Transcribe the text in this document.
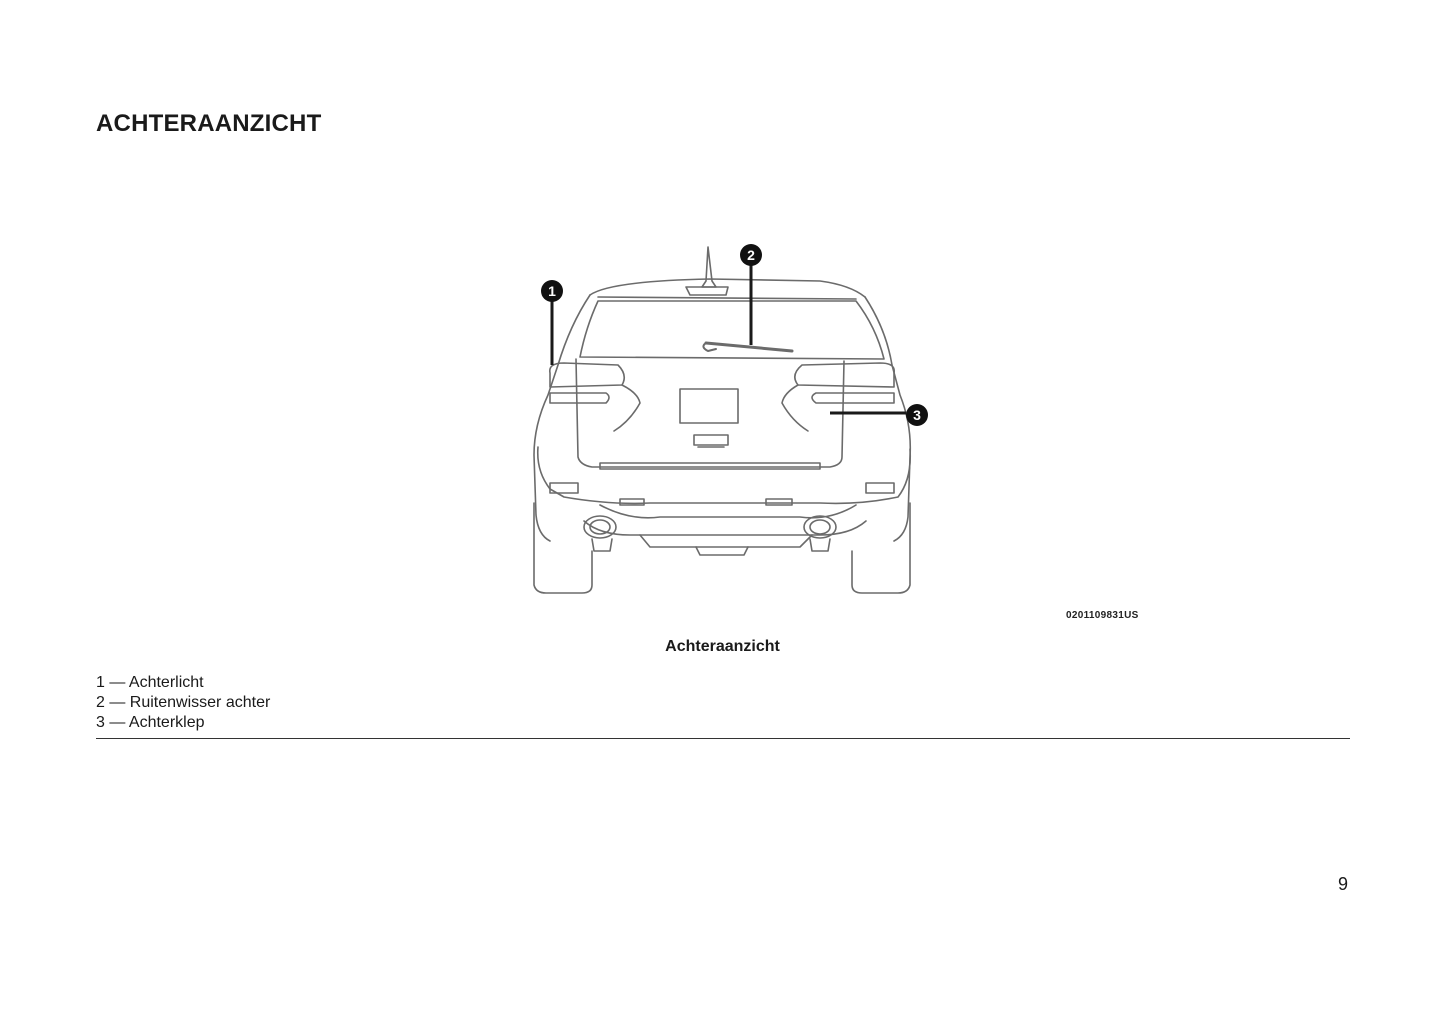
ACHTERAANZICHT
1
2
3
0201109831US
Achteraanzicht
1 — Achterlicht
2 — Ruitenwisser achter
3 — Achterklep
9
